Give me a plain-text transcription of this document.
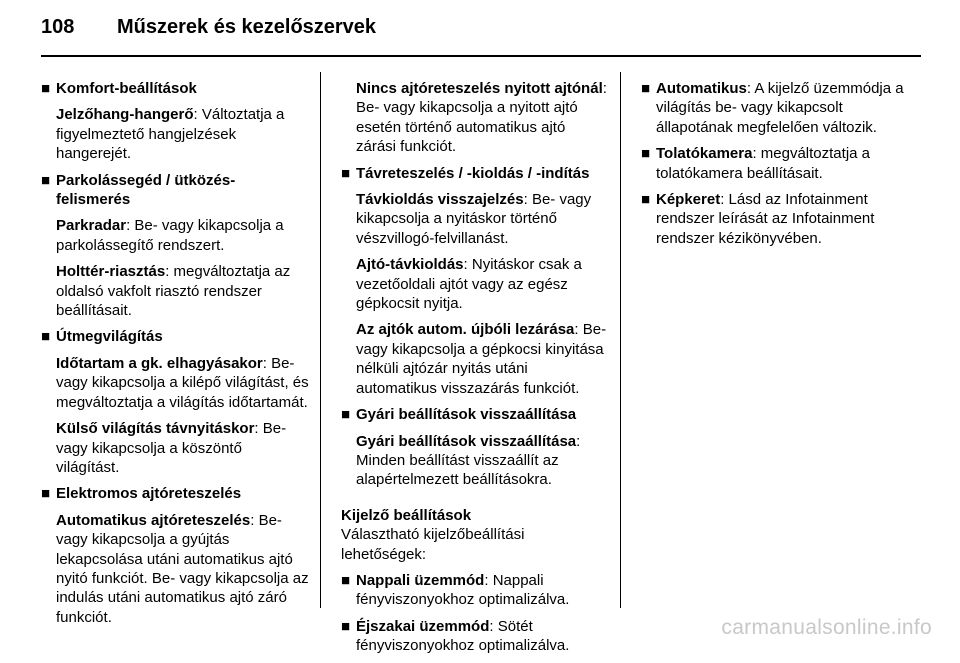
108 Műszerek és kezelőszervek
■ Komfort-beállítások
Jelzőhang-hangerő: Változtatja a figyelmeztető hangjelzések hangerejét.
■ Parkolássegéd / ütközés-felismerés
Parkradar: Be- vagy kikapcsolja a parkolássegítő rendszert.
Holttér-riasztás: megváltoztatja az oldalsó vakfolt riasztó rendszer beállításait.
■ Útmegvilágítás
Időtartam a gk. elhagyásakor: Be- vagy kikapcsolja a kilépő világítást, és megváltoztatja a világítás időtartamát.
Külső világítás távnyitáskor: Be- vagy kikapcsolja a köszöntő világítást.
■ Elektromos ajtóreteszelés
Automatikus ajtóreteszelés: Be- vagy kikapcsolja a gyújtás lekapcsolása utáni automatikus ajtó nyitó funkciót. Be- vagy kikapcsolja az indulás utáni automatikus ajtó záró funkciót.
Nincs ajtóreteszelés nyitott ajtónál: Be- vagy kikapcsolja a nyitott ajtó esetén történő automatikus ajtó zárási funkciót.
■ Távreteszelés / -kioldás / -indítás
Távkioldás visszajelzés: Be- vagy kikapcsolja a nyitáskor történő vészvillogó-felvillanást.
Ajtó-távkioldás: Nyitáskor csak a vezetőoldali ajtót vagy az egész gépkocsit nyitja.
Az ajtók autom. újbóli lezárása: Be- vagy kikapcsolja a gépkocsi kinyitása nélküli ajtózár nyitás utáni automatikus visszazárás funkciót.
■ Gyári beállítások visszaállítása
Gyári beállítások visszaállítása: Minden beállítást visszaállít az alapértelmezett beállításokra.
Kijelző beállítások
Választható kijelzőbeállítási lehetőségek:
■ Nappali üzemmód: Nappali fényviszonyokhoz optimalizálva.
■ Éjszakai üzemmód: Sötét fényviszonyokhoz optimalizálva.
■ Automatikus: A kijelző üzemmódja a világítás be- vagy kikapcsolt állapotának megfelelően változik.
■ Tolatókamera: megváltoztatja a tolatókamera beállításait.
■ Képkeret: Lásd az Infotainment rendszer leírását az Infotainment rendszer kézikönyvében.
carmanualsonline.info
